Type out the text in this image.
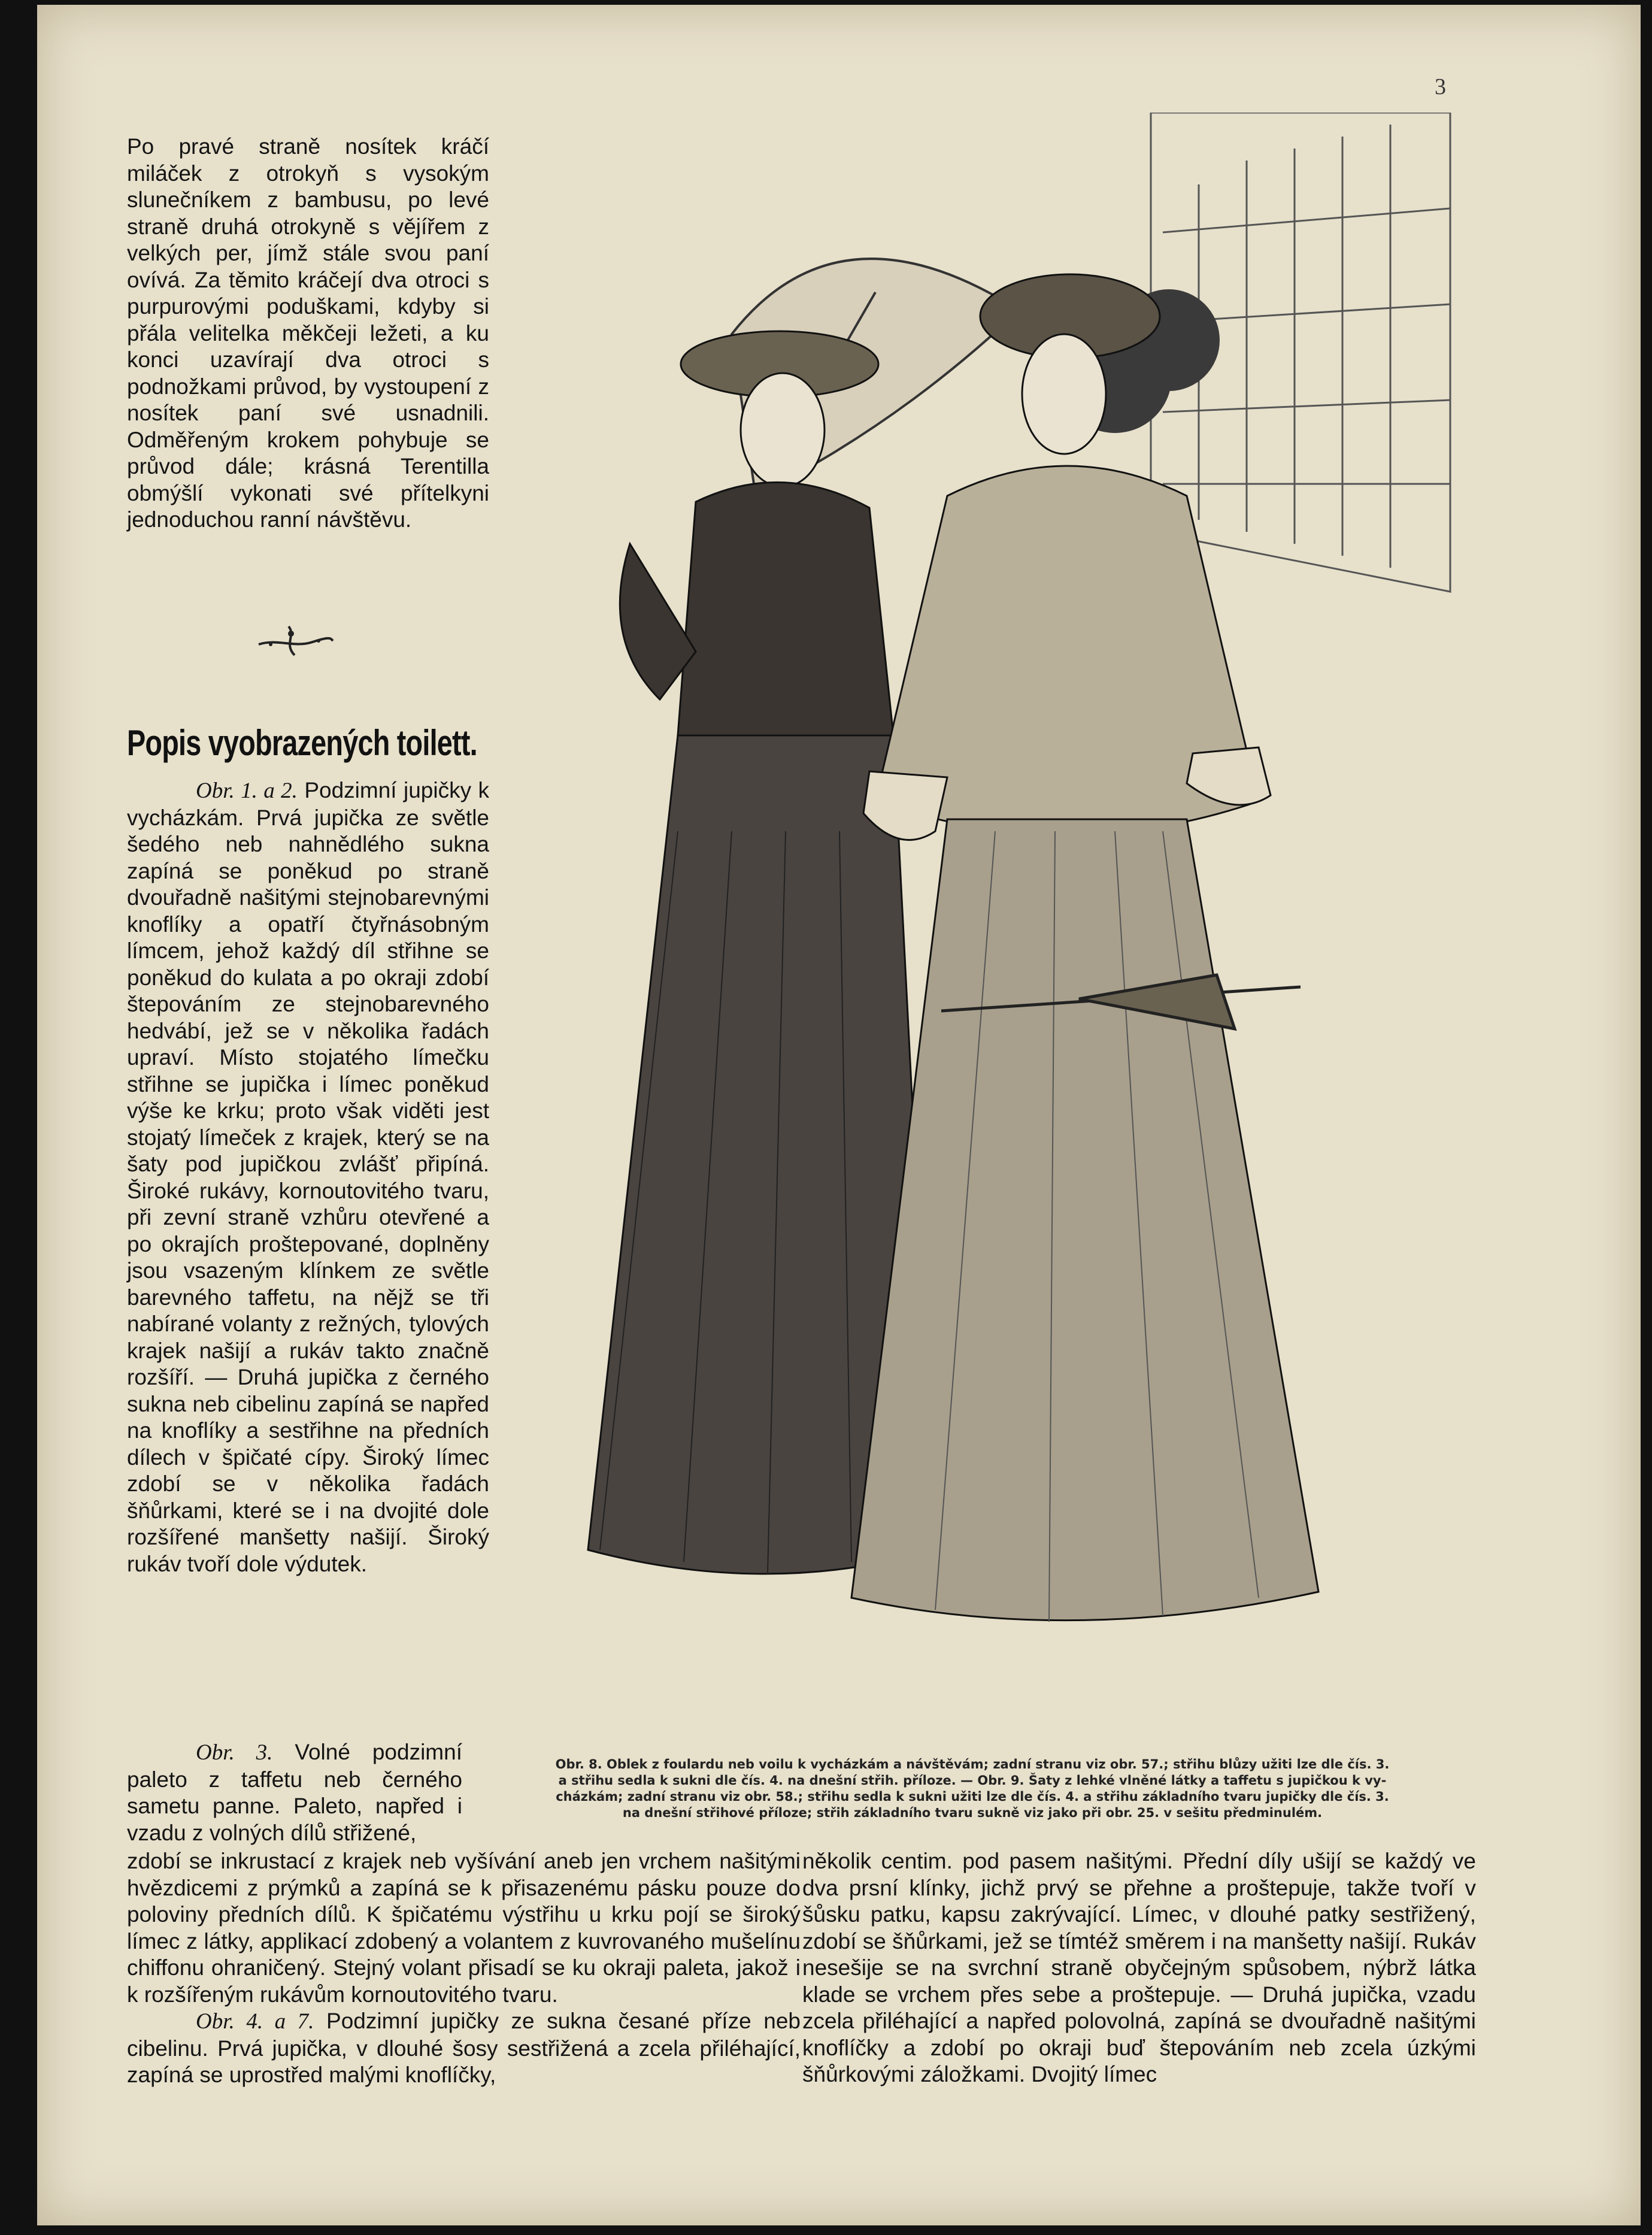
3

Po pravé straně nosítek kráčí miláček z otrokyň s vysokým slunečníkem z bambusu, po levé straně druhá otrokyně s vějířem z velkých per, jímž stále svou paní ovívá. Za těmito kráčejí dva otroci s purpurovými poduškami, kdyby si přála velitelka měkčeji ležeti, a ku konci uzavírají dva otroci s podnožkami průvod, by vystoupení z nosítek paní své usnadnili. Odměřeným krokem pohybuje se průvod dále; krásná Terentilla obmýšlí vykonati své přítelkyni jednoduchou ranní návštěvu.

Popis vyobrazených toilett.

Obr. 1. a 2. Podzimní jupičky k vycházkám. Prvá jupička ze světle šedého neb nahnědlého sukna zapíná se poněkud po straně dvouřadně našitými stejnobarevnými knoflíky a opatří čtyřnásobným límcem, jehož každý díl střihne se poněkud do kulata a po okraji zdobí štepováním ze stejnobarevného hedvábí, jež se v několika řadách upraví. Místo stojatého límečku střihne se jupička i límec poněkud výše ke krku; proto však viděti jest stojatý límeček z krajek, který se na šaty pod jupičkou zvlášť připíná. Široké rukávy, kornoutovitého tvaru, při zevní straně vzhůru otevřené a po okrajích proštepované, doplněny jsou vsazeným klínkem ze světle barevného taffetu, na nějž se tři nabírané volanty z režných, tylových krajek našijí a rukáv takto značně rozšíří. — Druhá jupička z černého sukna neb cibelinu zapíná se napřed na knoflíky a sestřihne na předních dílech v špičaté cípy. Široký límec zdobí se v několika řadách šňůrkami, které se i na dvojité dole rozšířené manšetty našijí. Široký rukáv tvoří dole výdutek.

Obr. 3. Volné podzimní paleto z taffetu neb černého sametu panne. Paleto, napřed i vzadu z volných dílů střižené,

zdobí se inkrustací z krajek neb vyšívání aneb jen vrchem našitými hvězdicemi z prýmků a zapíná se k přisazenému pásku pouze do poloviny předních dílů. K špičatému výstřihu u krku pojí se široký límec z látky, applikací zdobený a volantem z kuvrovaného mušelínu chiffonu ohraničený. Stejný volant přisadí se ku okraji paleta, jakož i k rozšířeným rukávům kornoutovitého tvaru.

Obr. 4. a 7. Podzimní jupičky ze sukna česané příze neb cibelinu. Prvá jupička, v dlouhé šosy sestřižená a zcela přiléhající, zapíná se uprostřed malými knoflíčky,

několik centim. pod pasem našitými. Přední díly ušijí se každý ve dva prsní klínky, jichž prvý se přehne a proštepuje, takže tvoří v šůsku patku, kapsu zakrývající. Límec, v dlouhé patky sestřižený, zdobí se šňůrkami, jež se tímtéž směrem i na manšetty našijí. Rukáv nesešije se na svrchní straně obyčejným spůsobem, nýbrž látka klade se vrchem přes sebe a proštepuje. — Druhá jupička, vzadu zcela přiléhající a napřed polovolná, zapíná se dvouřadně našitými knoflíčky a zdobí po okraji buď štepováním neb zcela úzkými šňůrkovými záložkami. Dvojitý límec

Obr. 8. Oblek z foulardu neb voilu k vycházkám a návštěvám; zadní stranu viz obr. 57.; střihu blůzy užiti lze dle čís. 3.
a střihu sedla k sukni dle čís. 4. na dnešní střih. příloze. — Obr. 9. Šaty z lehké vlněné látky a taffetu s jupičkou k vy-
cházkám; zadní stranu viz obr. 58.; střihu sedla k sukni užiti lze dle čís. 4. a střihu základního tvaru jupičky dle čís. 3.
na dnešní střihové příloze; střih základního tvaru sukně viz jako při obr. 25. v sešitu předminulém.
